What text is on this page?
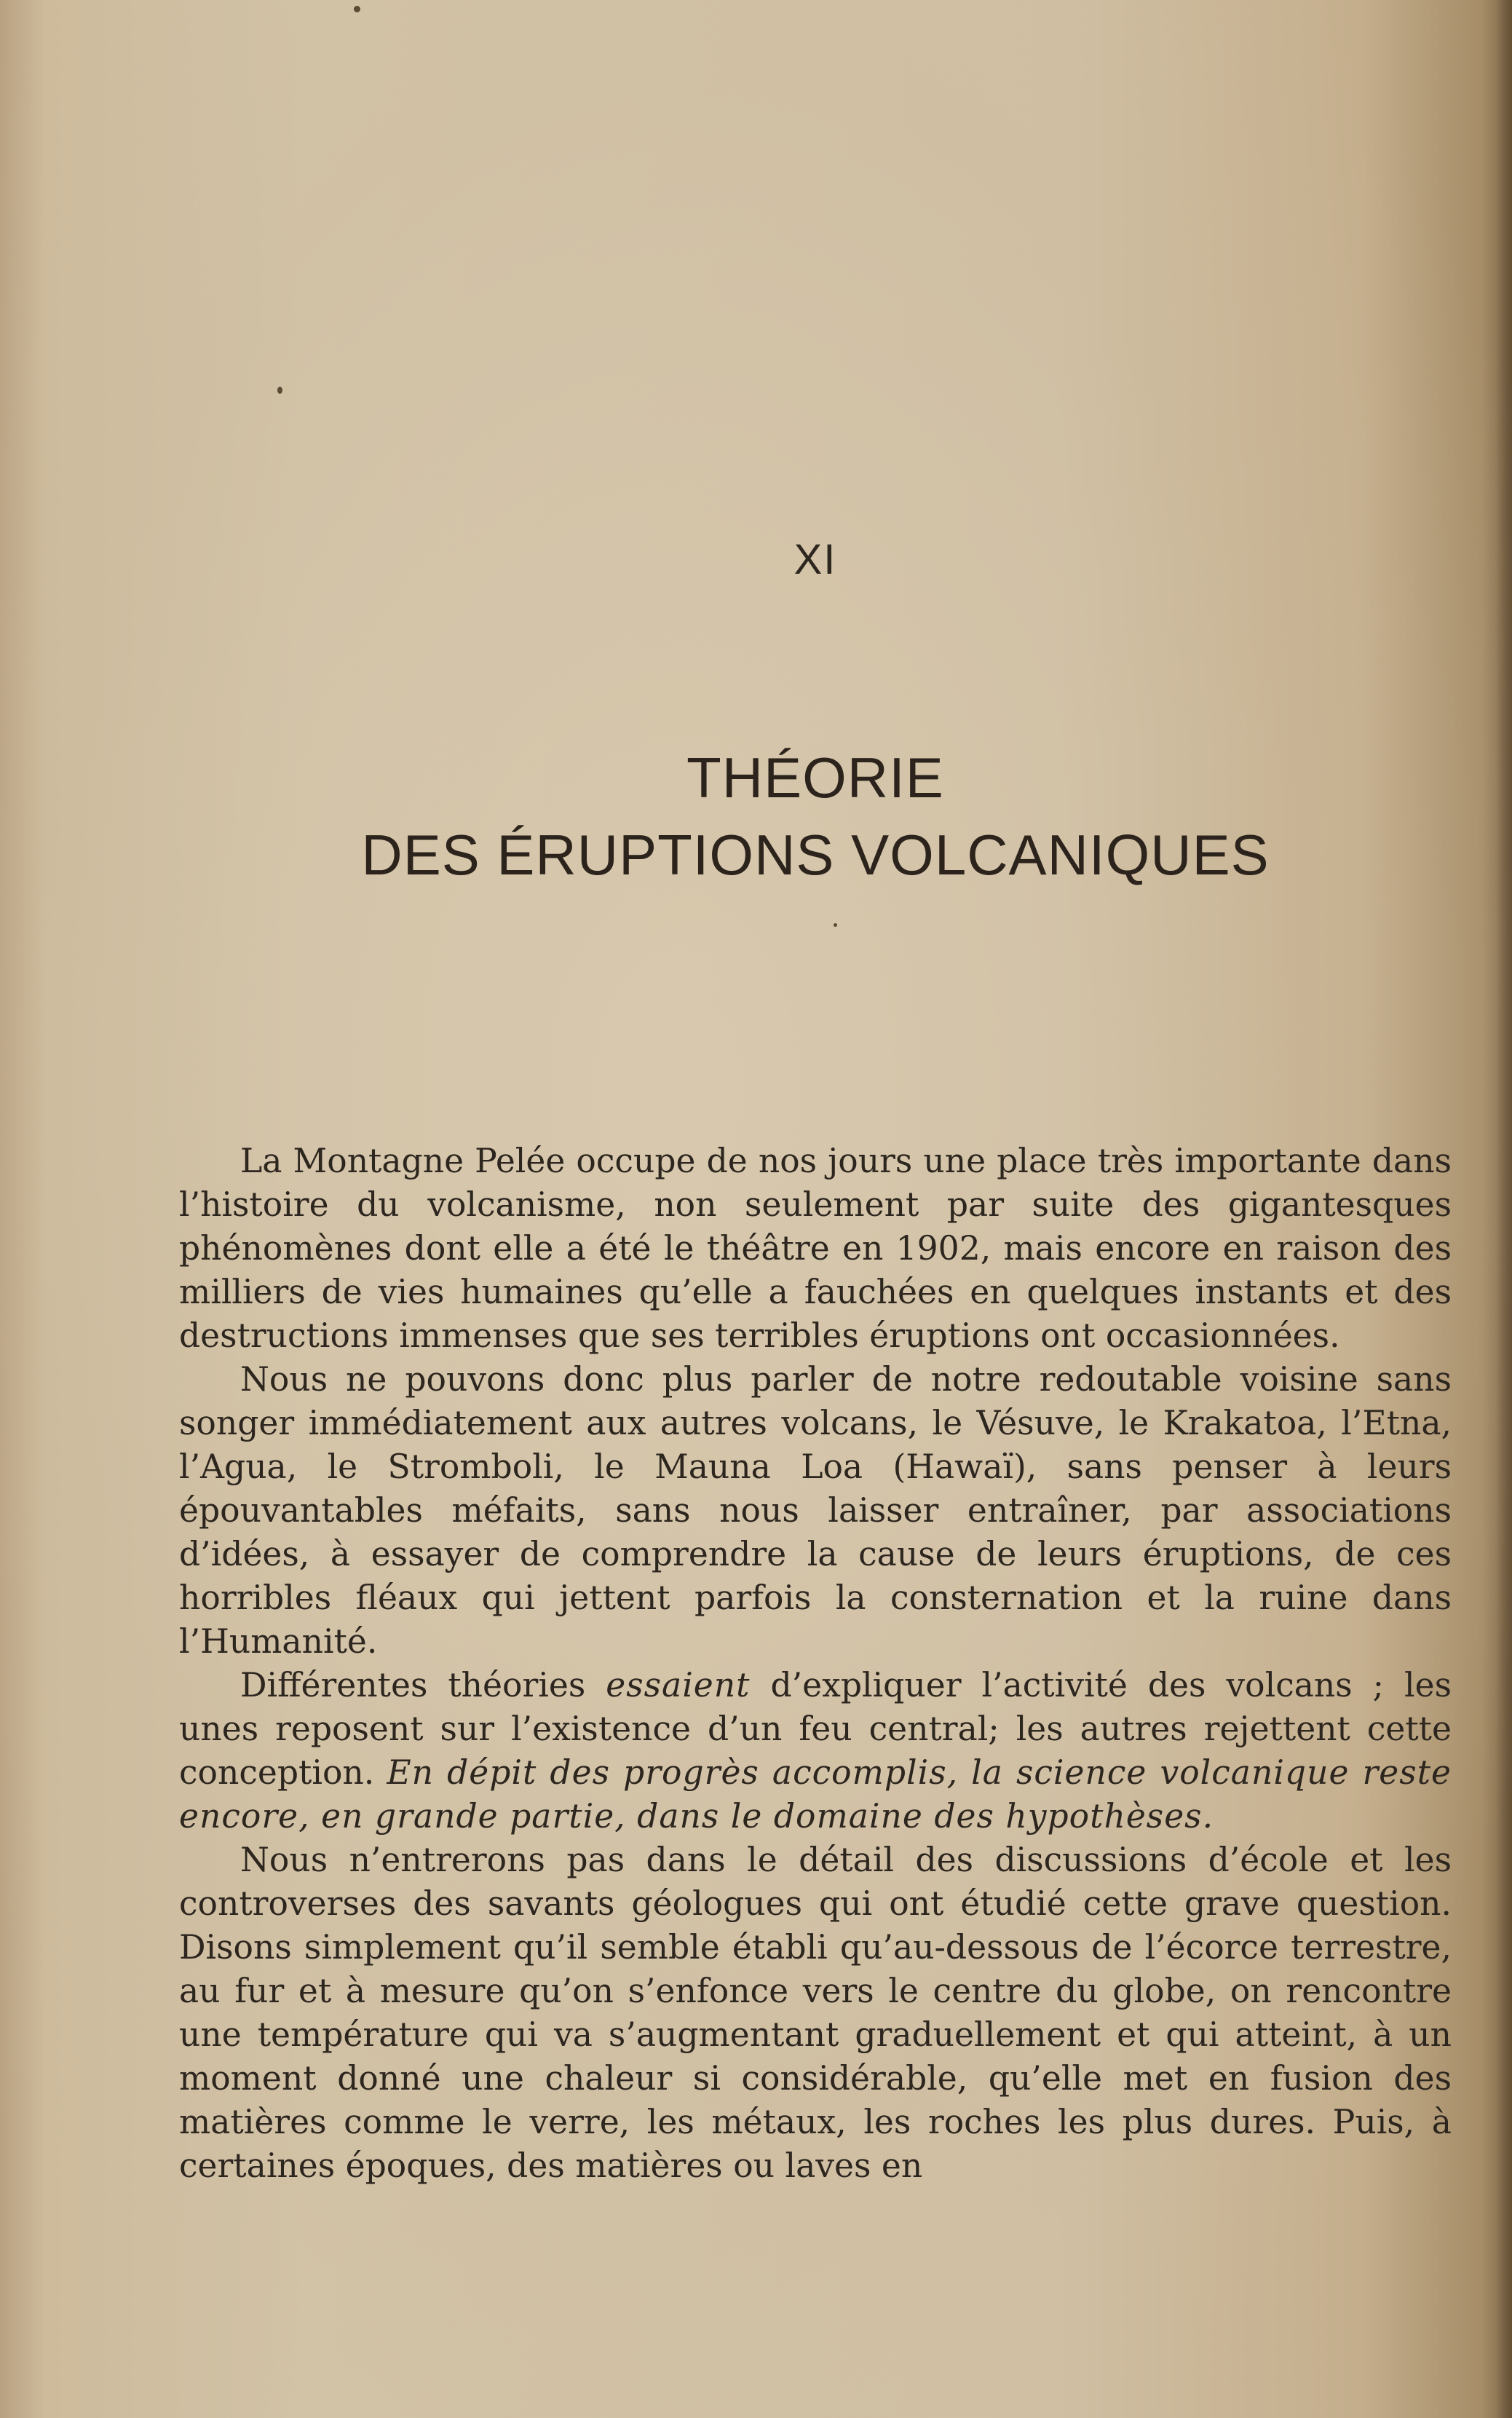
XI
THÉORIE
DES ÉRUPTIONS VOLCANIQUES

La Montagne Pelée occupe de nos jours une place très importante dans l’histoire du volcanisme, non seulement par suite des gigantesques phénomènes dont elle a été le théâtre en 1902, mais encore en raison des milliers de vies humaines qu’elle a fauchées en quelques instants et des destructions immenses que ses terribles éruptions ont occasionnées.

Nous ne pouvons donc plus parler de notre redoutable voisine sans songer immédiatement aux autres volcans, le Vésuve, le Krakatoa, l’Etna, l’Agua, le Stromboli, le Mauna Loa (Hawaï), sans penser à leurs épouvantables méfaits, sans nous laisser entraîner, par associations d’idées, à essayer de comprendre la cause de leurs éruptions, de ces horribles fléaux qui jettent parfois la consternation et la ruine dans l’Humanité.

Différentes théories essaient d’expliquer l’activité des volcans ; les unes reposent sur l’existence d’un feu central; les autres rejettent cette conception. En dépit des progrès accomplis, la science volcanique reste encore, en grande partie, dans le domaine des hypothèses.

Nous n’entrerons pas dans le détail des discussions d’école et les controverses des savants géologues qui ont étudié cette grave question. Disons simplement qu’il semble établi qu’au-dessous de l’écorce terrestre, au fur et à mesure qu’on s’enfonce vers le centre du globe, on rencontre une température qui va s’augmentant graduellement et qui atteint, à un moment donné une chaleur si considérable, qu’elle met en fusion des matières comme le verre, les métaux, les roches les plus dures. Puis, à certaines époques, des matières ou laves en
